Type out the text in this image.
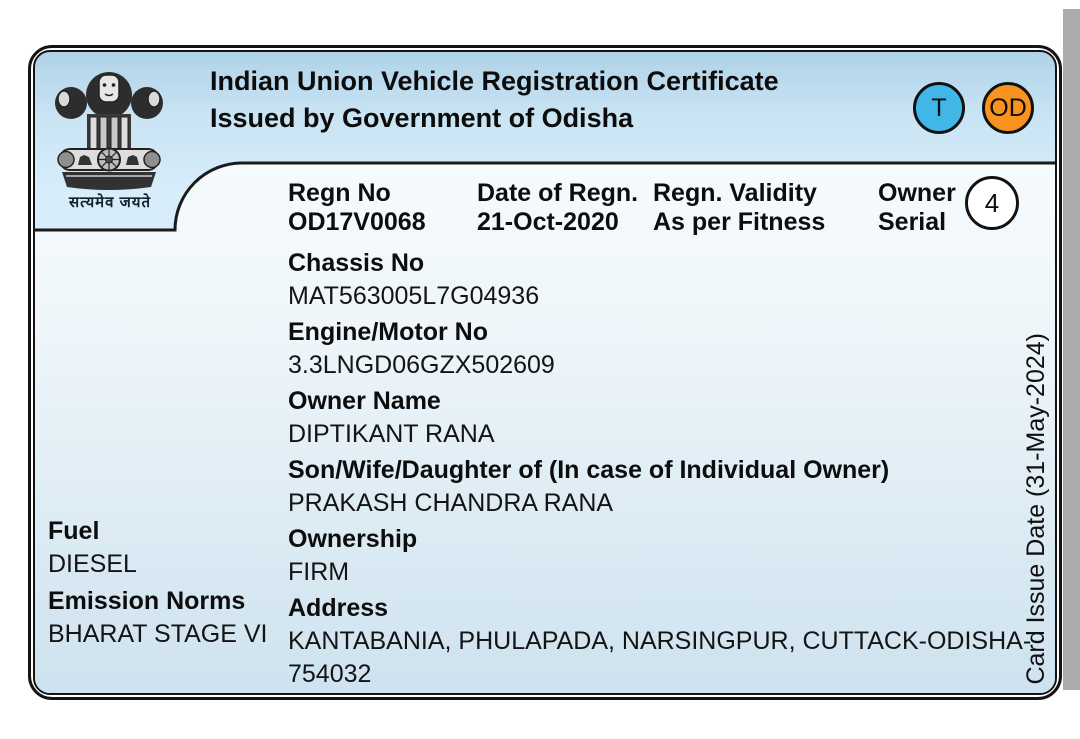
सत्यमेव जयते
Indian Union Vehicle Registration Certificate
Issued by Government of Odisha	T	OD
Regn No
OD17V0068
Date of Regn.
21-Oct-2020
Regn. Validity
As per Fitness
Owner
Serial
4
Chassis No
MAT563005L7G04936
Engine/Motor No
3.3LNGD06GZX502609
Owner Name
DIPTIKANT RANA
Son/Wife/Daughter of (In case of Individual Owner)
PRAKASH CHANDRA RANA
Ownership
FIRM
Address
KANTABANIA, PHULAPADA, NARSINGPUR, CUTTACK-ODISHA-754032
Fuel
DIESEL
Emission Norms
BHARAT STAGE VI	Card Issue Date (31-May-2024)
